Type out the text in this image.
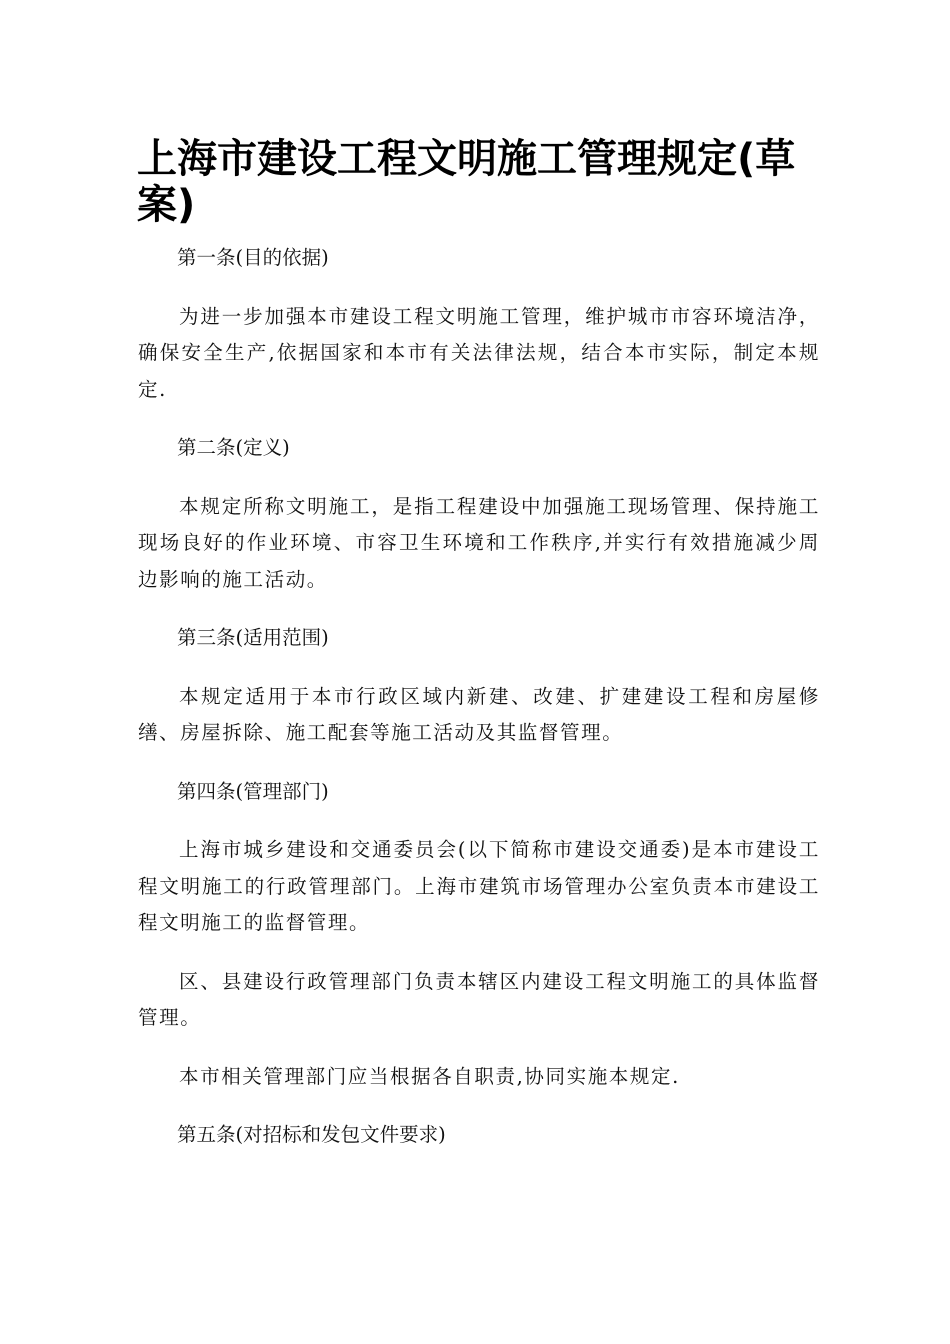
上海市建设工程文明施工管理规定(草案)

第一条(目的依据)

为进一步加强本市建设工程文明施工管理，维护城市市容环境洁净，确保安全生产,依据国家和本市有关法律法规，结合本市实际，制定本规定.

第二条(定义)

本规定所称文明施工，是指工程建设中加强施工现场管理、保持施工现场良好的作业环境、市容卫生环境和工作秩序,并实行有效措施减少周边影响的施工活动。

第三条(适用范围)

本规定适用于本市行政区域内新建、改建、扩建建设工程和房屋修缮、房屋拆除、施工配套等施工活动及其监督管理。

第四条(管理部门)

上海市城乡建设和交通委员会(以下简称市建设交通委)是本市建设工程文明施工的行政管理部门。上海市建筑市场管理办公室负责本市建设工程文明施工的监督管理。

区、县建设行政管理部门负责本辖区内建设工程文明施工的具体监督管理。

本市相关管理部门应当根据各自职责,协同实施本规定.

第五条(对招标和发包文件要求)
